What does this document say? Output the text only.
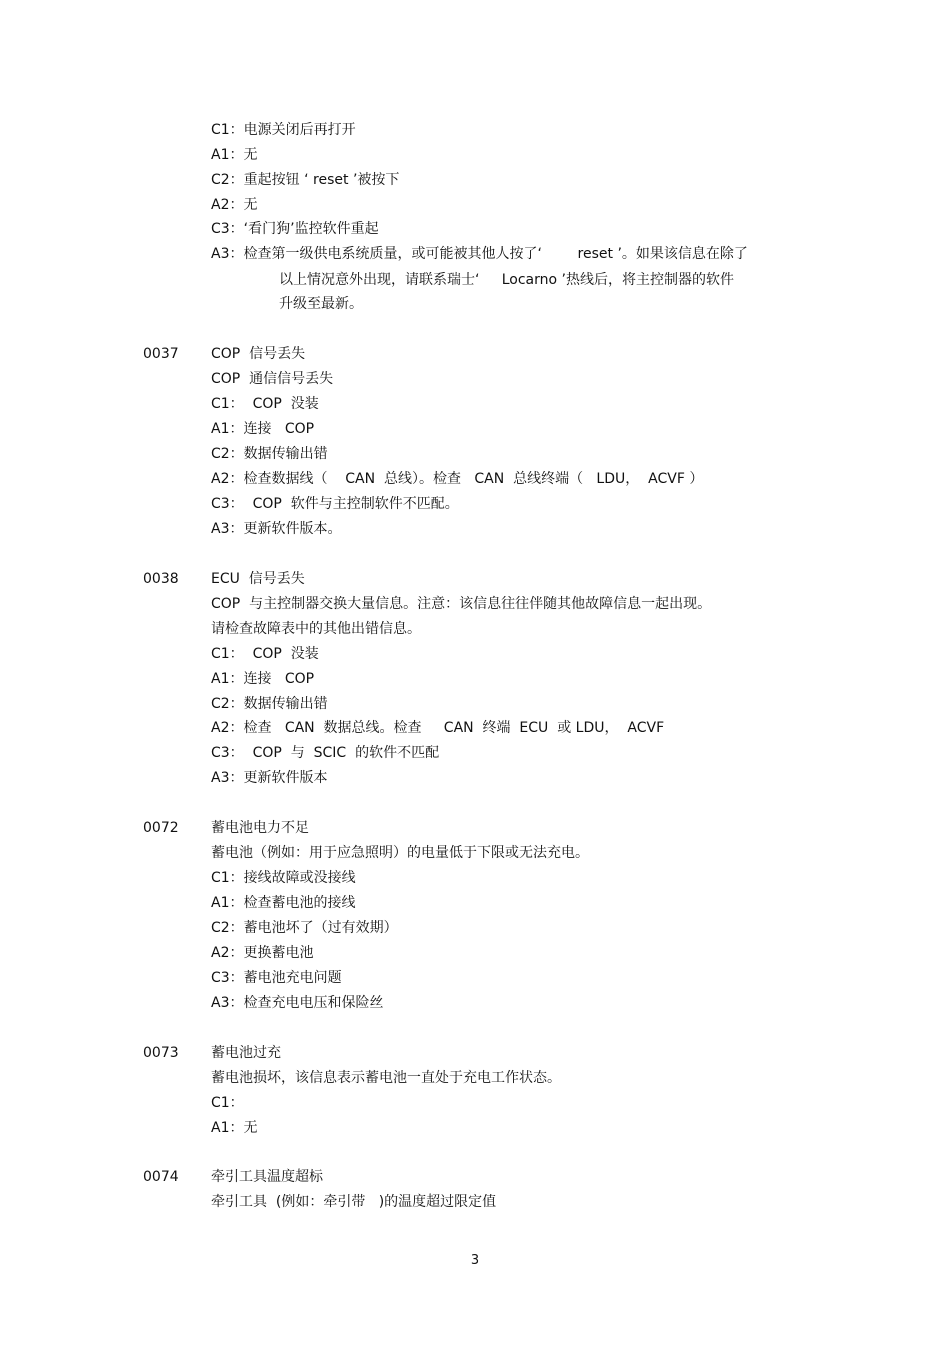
C1：电源关闭后再打开
A1：无
C2：重起按钮 ‘ reset ’被按下
A2：无
C3：‘看门狗’监控软件重起
A3：检查第一级供电系统质量，或可能被其他人按了‘        reset ’。如果该信息在除了
以上情况意外出现，请联系瑞士‘     Locarno ’热线后，将主控制器的软件
升级至最新。
0037 COP  信号丢失
COP  通信信号丢失
C1：  COP  没装
A1：连接   COP
C2：数据传输出错
A2：检查数据线（    CAN  总线）。检查   CAN  总线终端（   LDU，  ACVF ）
C3：  COP  软件与主控制软件不匹配。
A3：更新软件版本。
0038 ECU  信号丢失
COP  与主控制器交换大量信息。注意：该信息往往伴随其他故障信息一起出现。
请检查故障表中的其他出错信息。
C1：  COP  没装
A1：连接   COP
C2：数据传输出错
A2：检查   CAN  数据总线。检查     CAN  终端  ECU  或 LDU，  ACVF
C3：  COP  与  SCIC  的软件不匹配
A3：更新软件版本
0072 蓄电池电力不足
蓄电池（例如：用于应急照明）的电量低于下限或无法充电。
C1：接线故障或没接线
A1：检查蓄电池的接线
C2：蓄电池坏了（过有效期）
A2：更换蓄电池
C3：蓄电池充电问题
A3：检查充电电压和保险丝
0073 蓄电池过充
蓄电池损坏，该信息表示蓄电池一直处于充电工作状态。
C1：
A1：无
0074 牵引工具温度超标
牵引工具  (例如：牵引带   )的温度超过限定值
3
